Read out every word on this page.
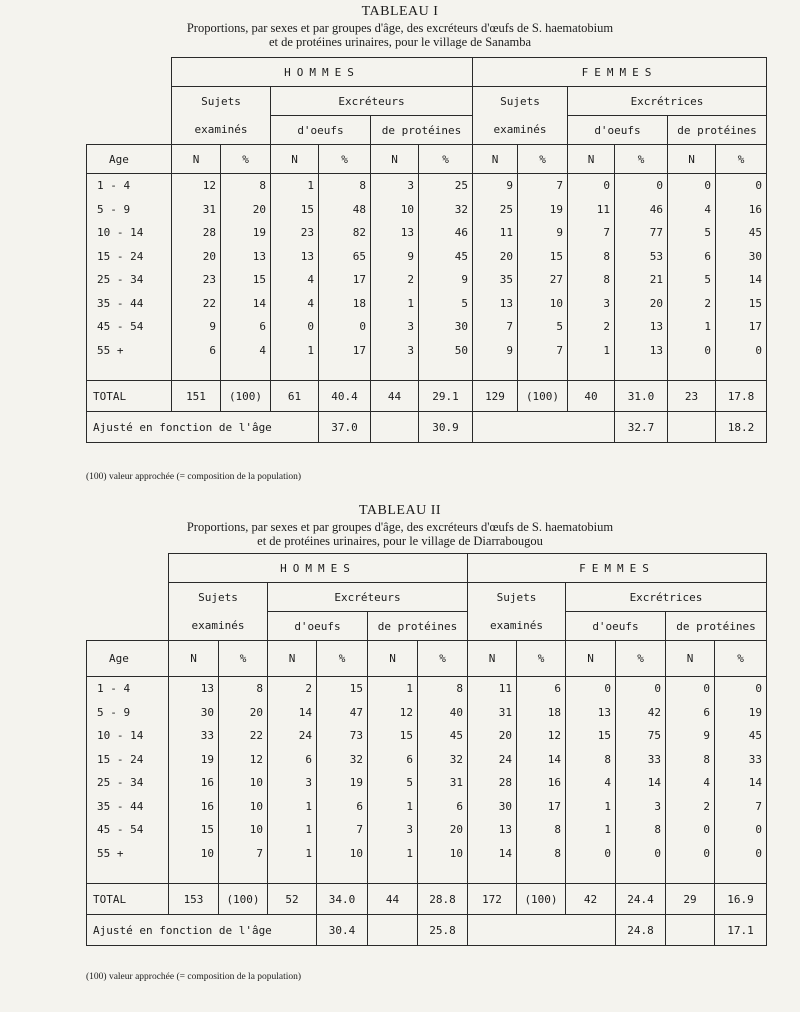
TABLEAU I
Proportions, par sexes et par groupes d'âge, des excréteurs d'œufs de S. haematobium
et de protéines urinaires, pour le village de Sanamba
	HOMMES						FEMMES					
	Sujets		Excréteurs				Sujets		Excrétrices			
	examinés		d'oeufs		de protéines		examinés		d'oeufs		de protéines	
Age	N	%	N	%	N	%	N	%	N	%	N	%
1 - 4	12	8	1	8	3	25	9	7	0	0	0	0
5 - 9	31	20	15	48	10	32	25	19	11	46	4	16
10 - 14	28	19	23	82	13	46	11	9	7	77	5	45
15 - 24	20	13	13	65	9	45	20	15	8	53	6	30
25 - 34	23	15	4	17	2	9	35	27	8	21	5	14
35 - 44	22	14	4	18	1	5	13	10	3	20	2	15
45 - 54	9	6	0	0	3	30	7	5	2	13	1	17
55 +	6	4	1	17	3	50	9	7	1	13	0	0

TOTAL	151	(100)	61	40.4	44	29.1	129	(100)	40	31.0	23	17.8
Ajusté en fonction de l'âge				37.0		30.9				32.7		18.2
(100) valeur approchée (= composition de la population)
TABLEAU II
Proportions, par sexes et par groupes d'âge, des excréteurs d'œufs de S. haematobium
et de protéines urinaires, pour le village de Diarrabougou
	HOMMES						FEMMES					
	Sujets		Excréteurs				Sujets		Excrétrices			
	examinés		d'oeufs		de protéines		examinés		d'oeufs		de protéines	
Age	N	%	N	%	N	%	N	%	N	%	N	%
1 - 4	13	8	2	15	1	8	11	6	0	0	0	0
5 - 9	30	20	14	47	12	40	31	18	13	42	6	19
10 - 14	33	22	24	73	15	45	20	12	15	75	9	45
15 - 24	19	12	6	32	6	32	24	14	8	33	8	33
25 - 34	16	10	3	19	5	31	28	16	4	14	4	14
35 - 44	16	10	1	6	1	6	30	17	1	3	2	7
45 - 54	15	10	1	7	3	20	13	8	1	8	0	0
55 +	10	7	1	10	1	10	14	8	0	0	0	0

TOTAL	153	(100)	52	34.0	44	28.8	172	(100)	42	24.4	29	16.9
Ajusté en fonction de l'âge				30.4		25.8				24.8		17.1
(100) valeur approchée (= composition de la population)
